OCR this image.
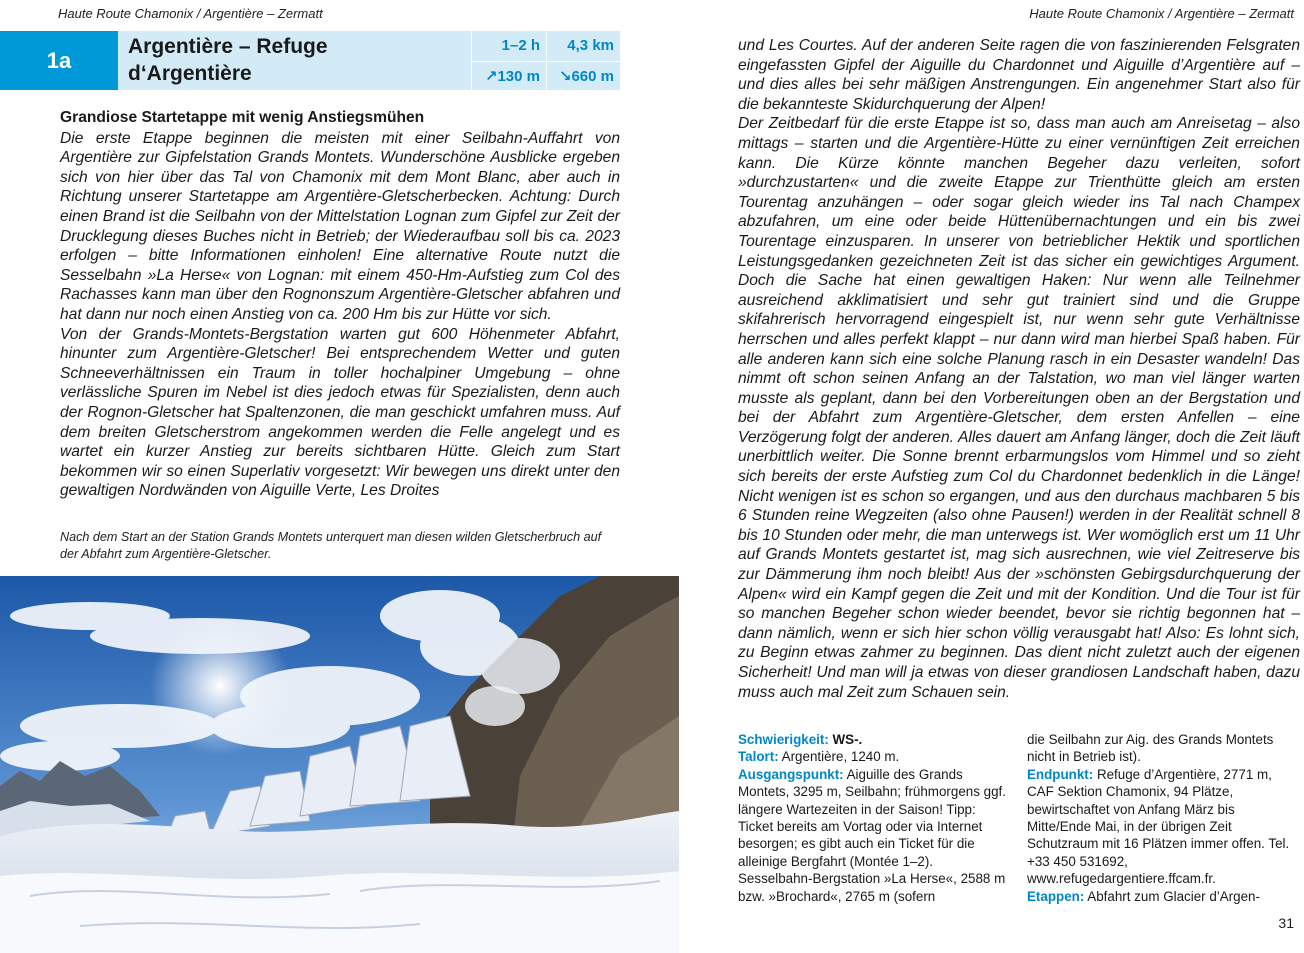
Haute Route Chamonix / Argentière – Zermatt	Haute Route Chamonix / Argentière – Zermatt
1a
Argentière – Refuge
d‘Argentière
1–2 h	4,3 km
↗130 m	↘660 m
Grandiose Startetappe mit wenig Anstiegsmühen

Die erste Etappe beginnen die meisten mit einer Seilbahn-Auffahrt von Argentière zur Gipfelstation Grands Montets. Wunderschöne Ausblicke ergeben sich von hier über das Tal von Chamonix mit dem Mont Blanc, aber auch in Richtung unserer Startetappe am Argentière-Gletscherbecken. Achtung: Durch einen Brand ist die Seilbahn von der Mittelstation Lognan zum Gipfel zur Zeit der Drucklegung dieses Buches nicht in Betrieb; der Wiederaufbau soll bis ca. 2023 erfolgen – bitte Informationen einholen! Eine alternative Route nutzt die Sesselbahn »La Herse« von Lognan: mit einem 450-Hm-Aufstieg zum Col des Rachasses kann man über den Rognonszum Argentière-Gletscher abfahren und hat dann nur noch einen Anstieg von ca. 200 Hm bis zur Hütte vor sich.

Von der Grands-Montets-Bergstation warten gut 600 Höhenmeter Abfahrt, hinunter zum Argentière-Gletscher! Bei entsprechendem Wetter und guten Schneeverhältnissen ein Traum in toller hochalpiner Umgebung – ohne verlässliche Spuren im Nebel ist dies jedoch etwas für Spezialisten, denn auch der Rognon-Gletscher hat Spaltenzonen, die man geschickt umfahren muss. Auf dem breiten Gletscherstrom angekommen werden die Felle angelegt und es wartet ein kurzer Anstieg zur bereits sichtbaren Hütte. Gleich zum Start bekommen wir so einen Superlativ vorgesetzt: Wir bewegen uns direkt unter den gewaltigen Nordwänden von Aiguille Verte, Les Droites

Nach dem Start an der Station Grands Montets unterquert man diesen wilden Gletscherbruch auf der Abfahrt zum Argentière-Gletscher.

und Les Courtes. Auf der anderen Seite ragen die von faszinierenden Felsgraten eingefassten Gipfel der Aiguille du Chardonnet und Aiguille d’Argentière auf – und dies alles bei sehr mäßigen Anstrengungen. Ein angenehmer Start also für die bekannteste Skidurchquerung der Alpen!

Der Zeitbedarf für die erste Etappe ist so, dass man auch am Anreisetag – also mittags – starten und die Argentière-Hütte zu einer vernünftigen Zeit erreichen kann. Die Kürze könnte manchen Begeher dazu verleiten, sofort »durchzustarten« und die zweite Etappe zur Trienthütte gleich am ersten Tourentag anzuhängen – oder sogar gleich wieder ins Tal nach Champex abzufahren, um eine oder beide Hüttenübernachtungen und ein bis zwei Tourentage einzusparen. In unserer von betrieblicher Hektik und sportlichen Leistungsgedanken gezeichneten Zeit ist das sicher ein gewichtiges Argument. Doch die Sache hat einen gewaltigen Haken: Nur wenn alle Teilnehmer ausreichend akklimatisiert und sehr gut trainiert sind und die Gruppe skifahrerisch hervorragend eingespielt ist, nur wenn sehr gute Verhältnisse herrschen und alles perfekt klappt – nur dann wird man hierbei Spaß haben. Für alle anderen kann sich eine solche Planung rasch in ein Desaster wandeln! Das nimmt oft schon seinen Anfang an der Talstation, wo man viel länger warten musste als geplant, dann bei den Vorbereitungen oben an der Bergstation und bei der Abfahrt zum Argentière-Gletscher, dem ersten Anfellen – eine Verzögerung folgt der anderen. Alles dauert am Anfang länger, doch die Zeit läuft unerbittlich weiter. Die Sonne brennt erbarmungslos vom Himmel und so zieht sich bereits der erste Aufstieg zum Col du Chardonnet bedenklich in die Länge! Nicht wenigen ist es schon so ergangen, und aus den durchaus machbaren 5 bis 6 Stunden reine Wegzeiten (also ohne Pausen!) werden in der Realität schnell 8 bis 10 Stunden oder mehr, die man unterwegs ist. Wer womöglich erst um 11 Uhr auf Grands Montets gestartet ist, mag sich ausrechnen, wie viel Zeitreserve bis zur Dämmerung ihm noch bleibt! Aus der »schönsten Gebirgsdurchquerung der Alpen« wird ein Kampf gegen die Zeit und mit der Kondition. Und die Tour ist für so manchen Begeher schon wieder beendet, bevor sie richtig begonnen hat – dann nämlich, wenn er sich hier schon völlig verausgabt hat! Also: Es lohnt sich, zu Beginn etwas zahmer zu beginnen. Das dient nicht zuletzt auch der eigenen Sicherheit! Und man will ja etwas von dieser grandiosen Landschaft haben, dazu muss auch mal Zeit zum Schauen sein.

Schwierigkeit: WS-.

Talort: Argentière, 1240 m.

Ausgangspunkt: Aiguille des Grands Montets, 3295 m, Seilbahn; frühmorgens ggf. längere Wartezeiten in der Saison! Tipp: Ticket bereits am Vortag oder via Internet besorgen; es gibt auch ein Ticket für die alleinige Bergfahrt (Montée 1–2). Sesselbahn-Bergstation »La Herse«, 2588 m bzw. »Brochard«, 2765 m (sofern

die Seilbahn zur Aig. des Grands Montets nicht in Betrieb ist).

Endpunkt: Refuge d’Argentière, 2771 m, CAF Sektion Chamonix, 94 Plätze, bewirtschaftet von Anfang März bis Mitte/Ende Mai, in der übrigen Zeit Schutzraum mit 16 Plätzen immer offen. Tel. +33 450 531692, www.refugedargentiere.ffcam.fr.

Etappen: Abfahrt zum Glacier d’Argen-

31
